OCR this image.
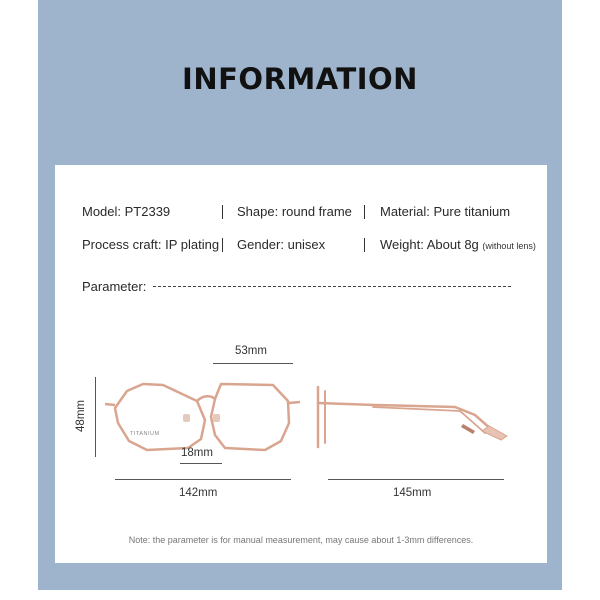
INFORMATION
Model: PT2339	Shape: round frame Material: Pure titanium
Process craft: IP plating Gender: unisex	Weight: About 8g (without lens)
Parameter:
TITANIUM
53mm
48mm
18mm
142mm	145mm
Note: the parameter is for manual measurement, may cause about 1-3mm differences.
